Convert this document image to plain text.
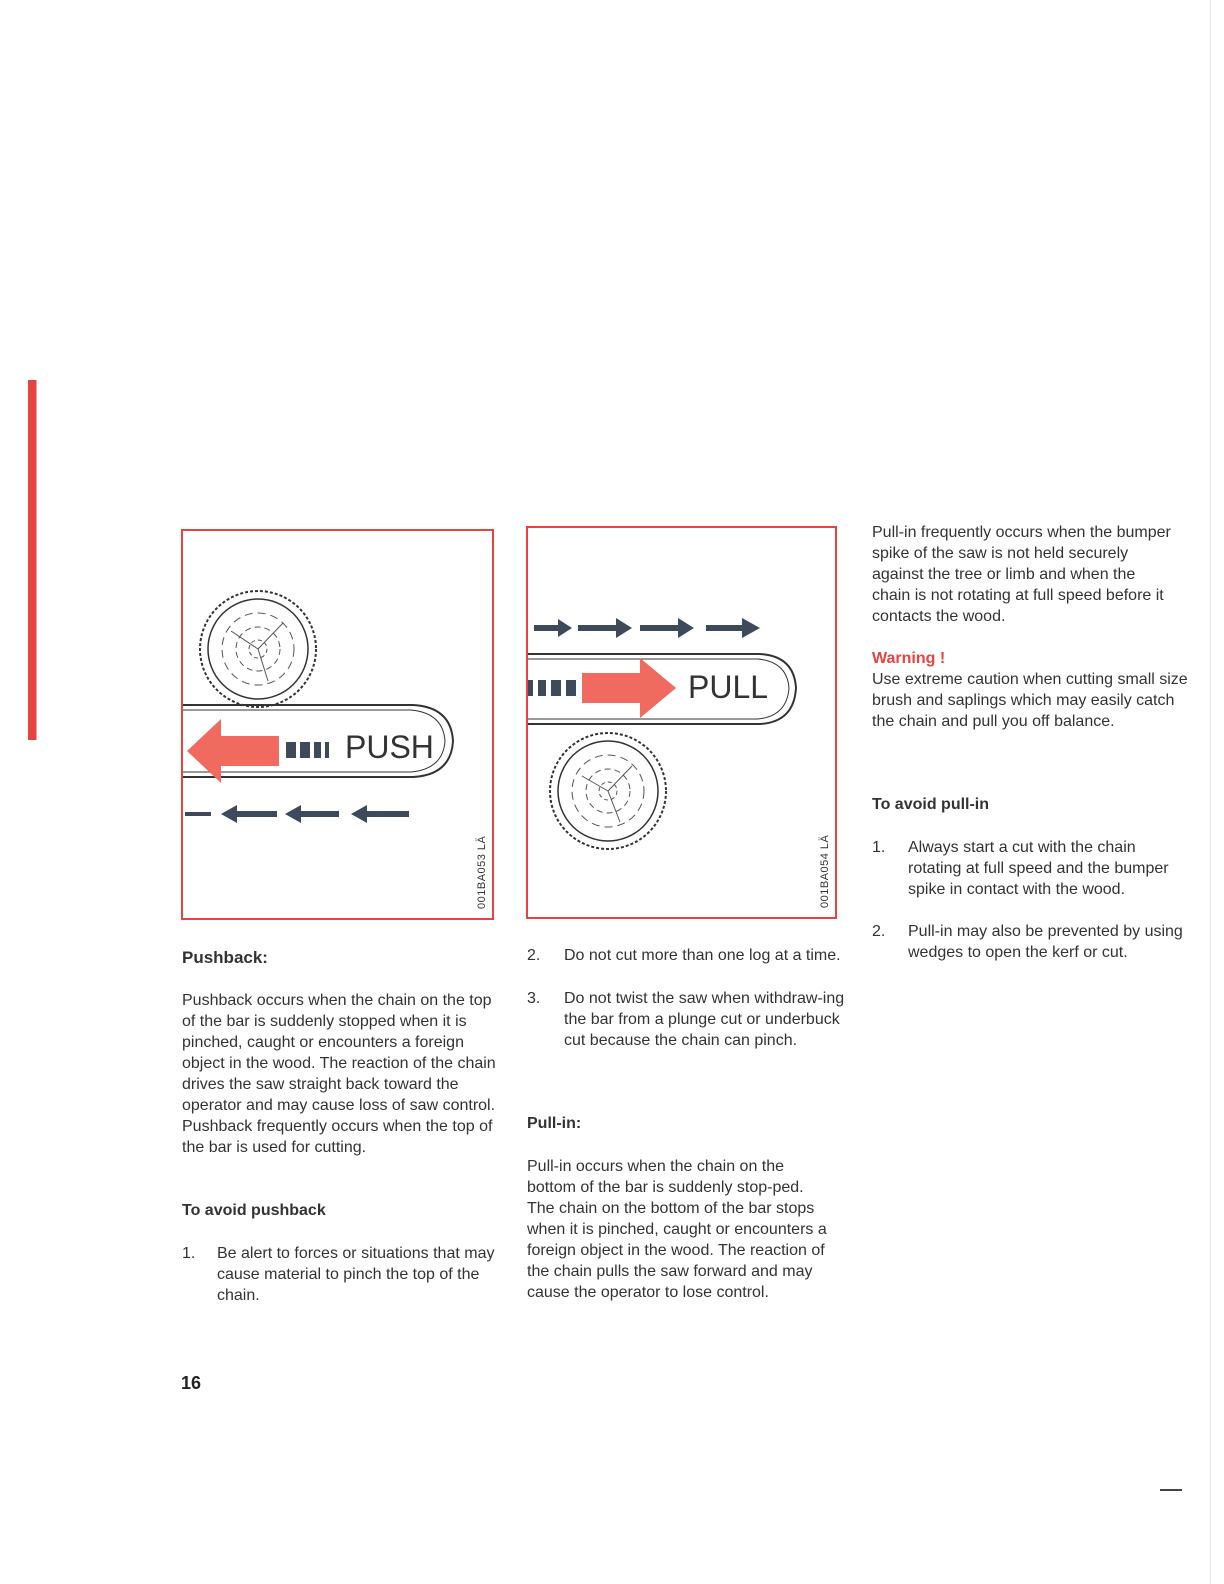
PUSH
001BA053 LÄ
PULL
001BA054 LÄ
Pushback:

Pushback occurs when the chain on the top of the bar is suddenly stopped when it is pinched, caught or encounters a foreign object in the wood. The reaction of the chain drives the saw straight back toward the operator and may cause loss of saw control. Pushback frequently occurs when the top of the bar is used for cutting.

To avoid pushback
1. Be alert to forces or situations that may cause material to pinch the top of the chain.
2. Do not cut more than one log at a time.
3. Do not twist the saw when withdraw-ing the bar from a plunge cut or underbuck cut because the chain can pinch.
Pull-in:

Pull-in occurs when the chain on the bottom of the bar is suddenly stop-ped. The chain on the bottom of the bar stops when it is pinched, caught or encounters a foreign object in the wood. The reaction of the chain pulls the saw forward and may cause the operator to lose control.

Pull-in frequently occurs when the bumper spike of the saw is not held securely against the tree or limb and when the chain is not rotating at full speed before it contacts the wood.

Warning !

Use extreme caution when cutting small size brush and saplings which may easily catch the chain and pull you off balance.

To avoid pull-in
1. Always start a cut with the chain rotating at full speed and the bumper spike in contact with the wood.
2. Pull-in may also be prevented by using wedges to open the kerf or cut.
16
